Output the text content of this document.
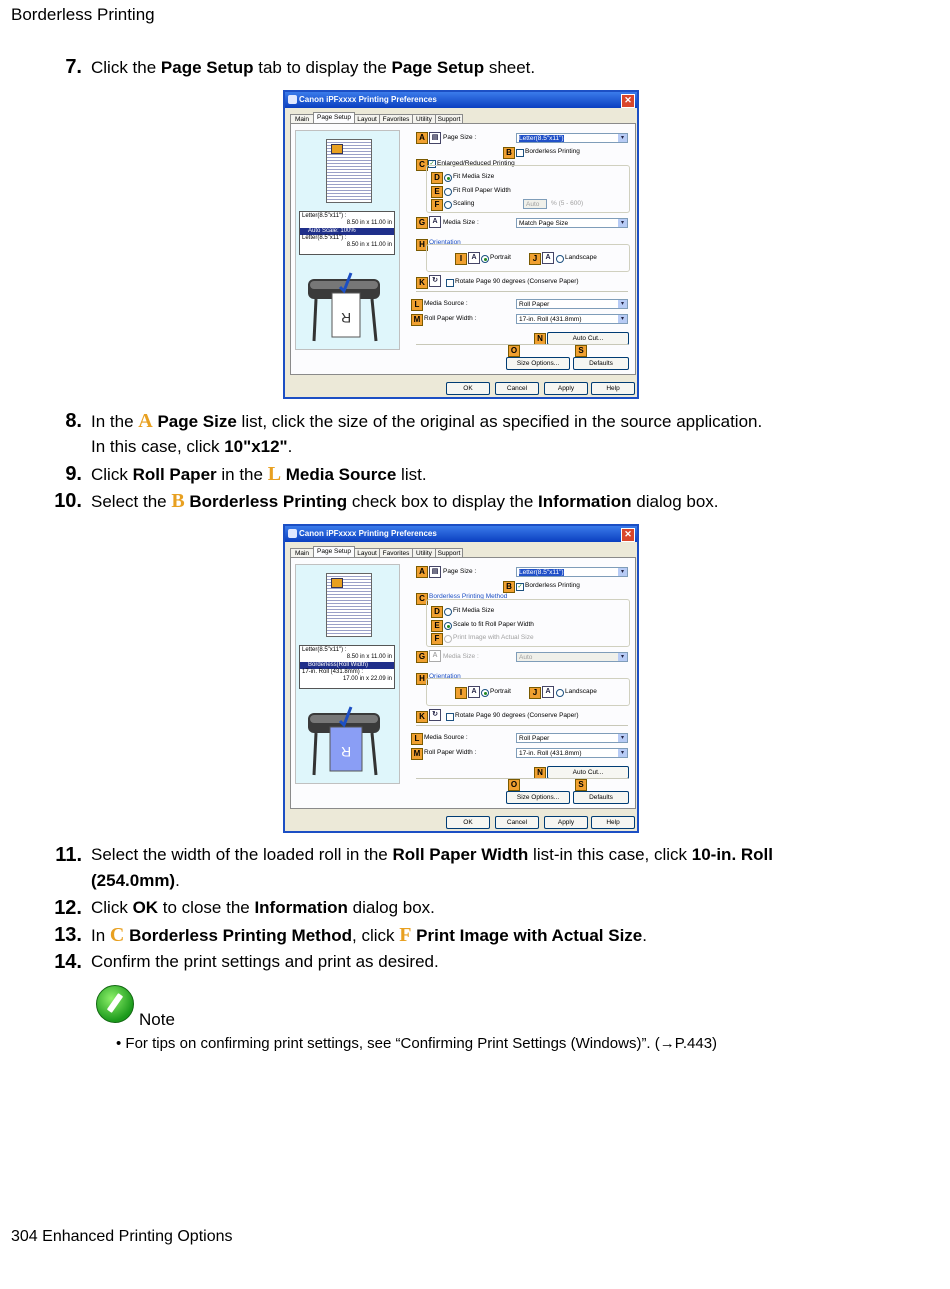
Borderless Printing
7. Click the Page Setup tab to display the Page Setup sheet.
Canon iPFxxxx Printing Preferences	✕
Main	Page Setup Layout Favorites	Utility Support
Letter(8.5"x11") :
8.50 in x 11.00 in
Auto Scale: 100%
Letter(8.5"x11") :
8.50 in x 11.00 in
R
A ▤ Page Size :	Letter(8.5"x11")	▾
B	Borderless Printing
C ✓ Enlarged/Reduced Printing
D	Fit Media Size
E	Fit Roll Paper Width
F	Scaling	Auto	% (5 - 600)
G	A Media Size :	Match Page Size	▾
H Orientation
I	A	Portrait	J	A	Landscape
K	↻	Rotate Page 90 degrees (Conserve Paper)
L Media Source :	Roll Paper	▾
M Roll Paper Width :	17-in. Roll (431.8mm)	▾
N	Auto Cut...
O	S
Size Options...	Defaults
OK	Cancel	Apply	Help
8. In the A Page Size list, click the size of the original as specified in the source application.
In this case, click 10"x12".
9. Click Roll Paper in the L Media Source list.
10. Select the B Borderless Printing check box to display the Information dialog box.
Canon iPFxxxx Printing Preferences	✕
Main	Page Setup Layout Favorites	Utility Support
Letter(8.5"x11") :
8.50 in x 11.00 in
Borderless(Roll Width)
17-in. Roll (431.8mm) :
17.00 in x 22.09 in
R
A ▤ Page Size :	Letter(8.5"x11")	▾
B ✓ Borderless Printing
C Borderless Printing Method
D	Fit Media Size
E	Scale to fit Roll Paper Width
F	Print Image with Actual Size
G	A Media Size :	Auto	▾
H Orientation
I	A	Portrait	J	A	Landscape
K	↻	Rotate Page 90 degrees (Conserve Paper)
L Media Source :	Roll Paper	▾
M Roll Paper Width :	17-in. Roll (431.8mm)	▾
N	Auto Cut...
O	S
Size Options...	Defaults
OK	Cancel	Apply	Help
11. Select the width of the loaded roll in the Roll Paper Width list-in this case, click 10-in. Roll
(254.0mm).
12. Click OK to close the Information dialog box.
13. In C Borderless Printing Method, click F Print Image with Actual Size.
14. Confirm the print settings and print as desired.
Note
• For tips on confirming print settings, see “Confirming Print Settings (Windows)”. (→P.443)
304 Enhanced Printing Options
